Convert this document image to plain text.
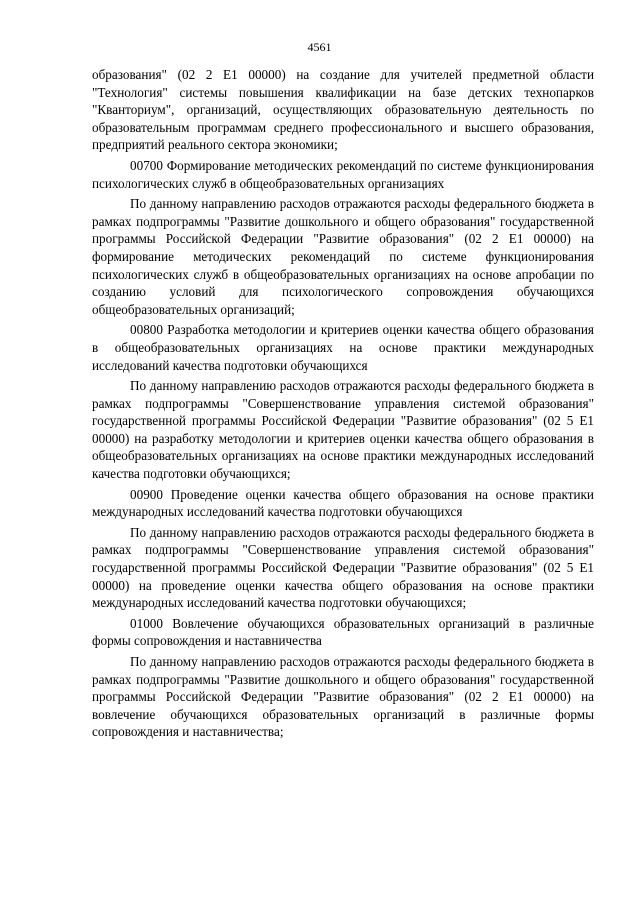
4561

образования" (02 2 Е1 00000) на создание для учителей предметной области "Технология" системы повышения квалификации на базе детских технопарков "Кванториум", организаций, осуществляющих образовательную деятельность по образовательным программам среднего профессионального и высшего образования, предприятий реального сектора экономики;

00700 Формирование методических рекомендаций по системе функционирования психологических служб в общеобразовательных организациях

По данному направлению расходов отражаются расходы федерального бюджета в рамках подпрограммы "Развитие дошкольного и общего образования" государственной программы Российской Федерации "Развитие образования" (02 2 Е1 00000) на формирование методических рекомендаций по системе функционирования психологических служб в общеобразовательных организациях на основе апробации по созданию условий для психологического сопровождения обучающихся общеобразовательных организаций;

00800 Разработка методологии и критериев оценки качества общего образования в общеобразовательных организациях на основе практики международных исследований качества подготовки обучающихся

По данному направлению расходов отражаются расходы федерального бюджета в рамках подпрограммы "Совершенствование управления системой образования" государственной программы Российской Федерации "Развитие образования" (02 5 Е1 00000) на разработку методологии и критериев оценки качества общего образования в общеобразовательных организациях на основе практики международных исследований качества подготовки обучающихся;

00900 Проведение оценки качества общего образования на основе практики международных исследований качества подготовки обучающихся

По данному направлению расходов отражаются расходы федерального бюджета в рамках подпрограммы "Совершенствование управления системой образования" государственной программы Российской Федерации "Развитие образования" (02 5 Е1 00000) на проведение оценки качества общего образования на основе практики международных исследований качества подготовки обучающихся;

01000 Вовлечение обучающихся образовательных организаций в различные формы сопровождения и наставничества

По данному направлению расходов отражаются расходы федерального бюджета в рамках подпрограммы "Развитие дошкольного и общего образования" государственной программы Российской Федерации "Развитие образования" (02 2 Е1 00000) на вовлечение обучающихся образовательных организаций в различные формы сопровождения и наставничества;
